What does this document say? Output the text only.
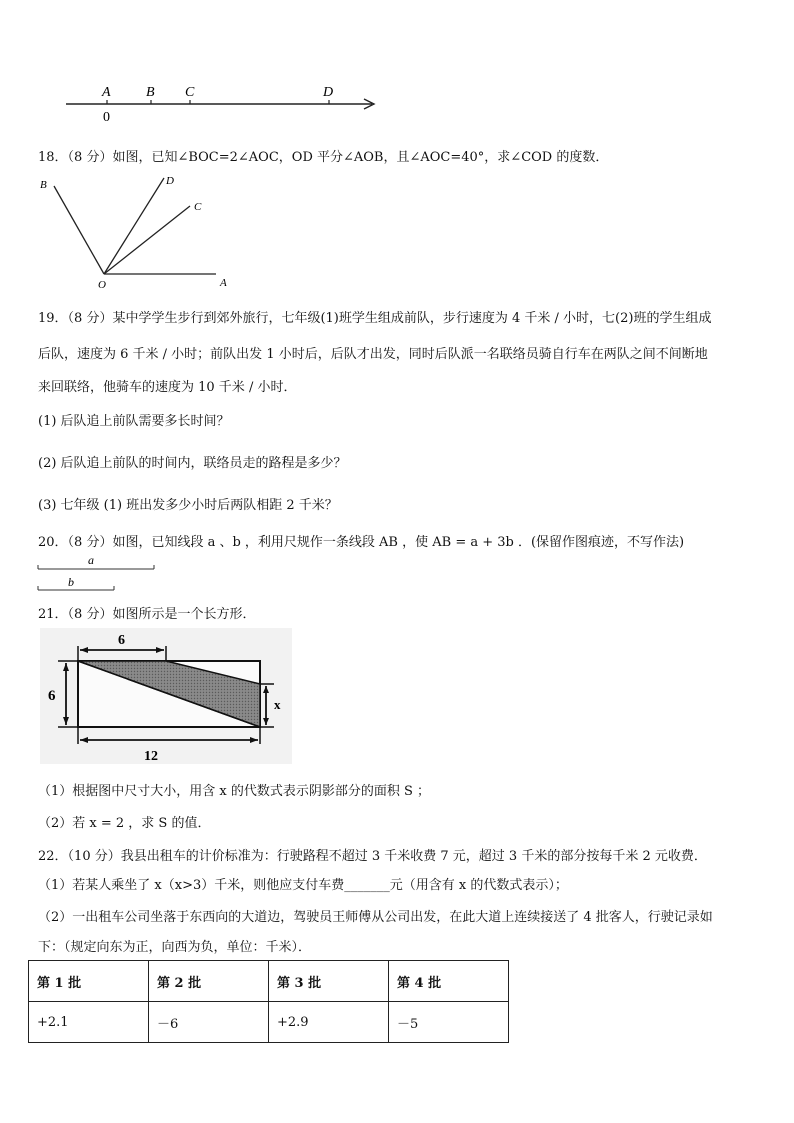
A	B C	D
0
18．（8 分）如图，已知∠BOC=2∠AOC，OD 平分∠AOB，且∠AOC=40°，求∠COD 的度数．
B	D
C
O	A
19．（8 分）某中学学生步行到郊外旅行，七年级(1)班学生组成前队，步行速度为 4 千米 / 小时，七(2)班的学生组成
后队，速度为 6 千米 / 小时；前队出发 1 小时后，后队才出发，同时后队派一名联络员骑自行车在两队之间不间断地
来回联络，他骑车的速度为 10 千米 / 小时．
(1) 后队追上前队需要多长时间？
(2) 后队追上前队的时间内，联络员走的路程是多少？
(3) 七年级 (1) 班出发多少小时后两队相距 2 千米？
20．（8 分）如图，已知线段 a 、b ，利用尺规作一条线段 AB ，使 AB = a + 3b ．(保留作图痕迹，不写作法)
a
b
21．（8 分）如图所示是一个长方形．
6
6
x
12
（1）根据图中尺寸大小，用含 x 的代数式表示阴影部分的面积 S ；
（2）若 x = 2 ，求 S 的值．
22．（10 分）我县出租车的计价标准为：行驶路程不超过 3 千米收费 7 元，超过 3 千米的部分按每千米 2 元收费．
（1）若某人乘坐了 x（x>3）千米，则他应支付车费_______元（用含有 x 的代数式表示）；
（2）一出租车公司坐落于东西向的大道边，驾驶员王师傅从公司出发，在此大道上连续接送了 4 批客人，行驶记录如
下：（规定向东为正，向西为负，单位：千米）．
第 1 批	第 2 批	第 3 批	第 4 批
+2.1	－6	+2.9	－5
